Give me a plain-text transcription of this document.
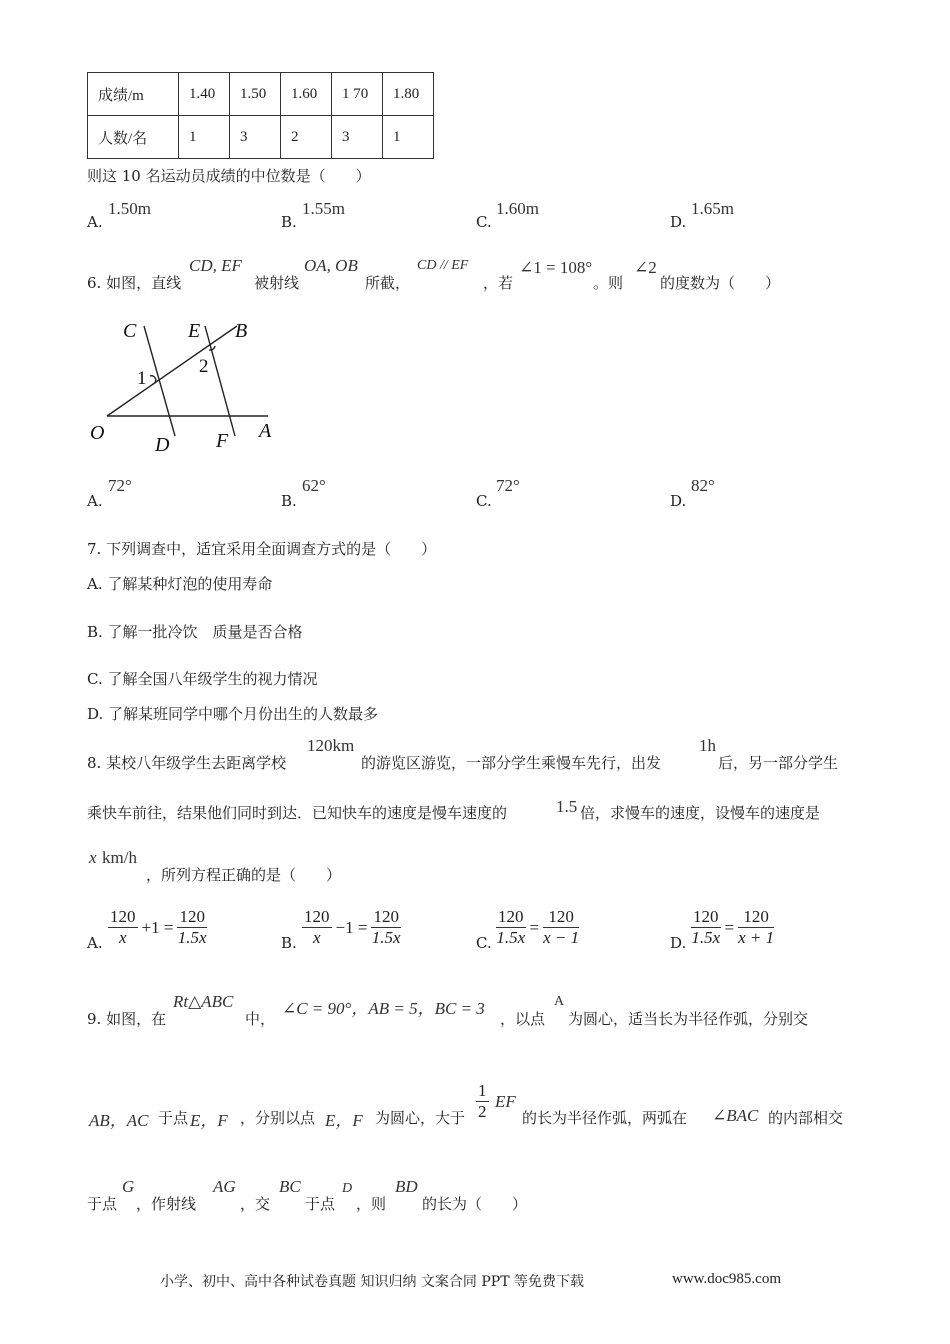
成绩/m	1.40	1.50	1.60	1 70	1.80
人数/名	1	3	2	3	1
则这 10 名运动员成绩的中位数是（　　）
A.
1.50m
B.
1.55m
C.
1.60m
D.
1.65m
6. 如图，直线
CD, EF
被射线
OA, OB
所截，
CD // EF
，若
∠1 = 108°
。则
∠2
的度数为（　　）
C	E B
O
D F A
1
2
A.
72°
B.
62°
C.
72°
D.
82°
7. 下列调查中，适宜采用全面调查方式的是（　　）
A. 了解某种灯泡的使用寿命
B. 了解一批冷饮　质量是否合格
C. 了解全国八年级学生的视力情况
D. 了解某班同学中哪个月份出生的人数最多
8. 某校八年级学生去距离学校
120km
的游览区游览，一部分学生乘慢车先行，出发
1h
后，另一部分学生
乘快车前往，结果他们同时到达．已知快车的速度是慢车速度的	1.5 倍，求慢车的速度，设慢车的速度是
x km/h
，所列方程正确的是（　　）
A. $\frac{120}{x} +1 = \frac{120}{1.5x}$	B. $\frac{120}{x} -1 = \frac{120}{1.5x}$	C. $\frac{120}{1.5x} = \frac{120}{x - 1}$	D. $\frac{120}{1.5x} = \frac{120}{x + 1}$
9. 如图，在
Rt△ABC
中，
∠C = 90°，AB = 5，BC = 3
，以点
A
为圆心，适当长为半径作弧，分别交
AB，AC 于点 E，F ，分别以点 E，F 为圆心，大于 $\frac{1}{2}$ EF
的长为半径作弧，两弧在 ∠BAC 的内部相交
于点
G
，作射线
AG
，交
BC
于点
D
，则
BD
的长为（　　）
小学、初中、高中各种试卷真题 知识归纳 文案合同 PPT 等免费下载	www.doc985.com
